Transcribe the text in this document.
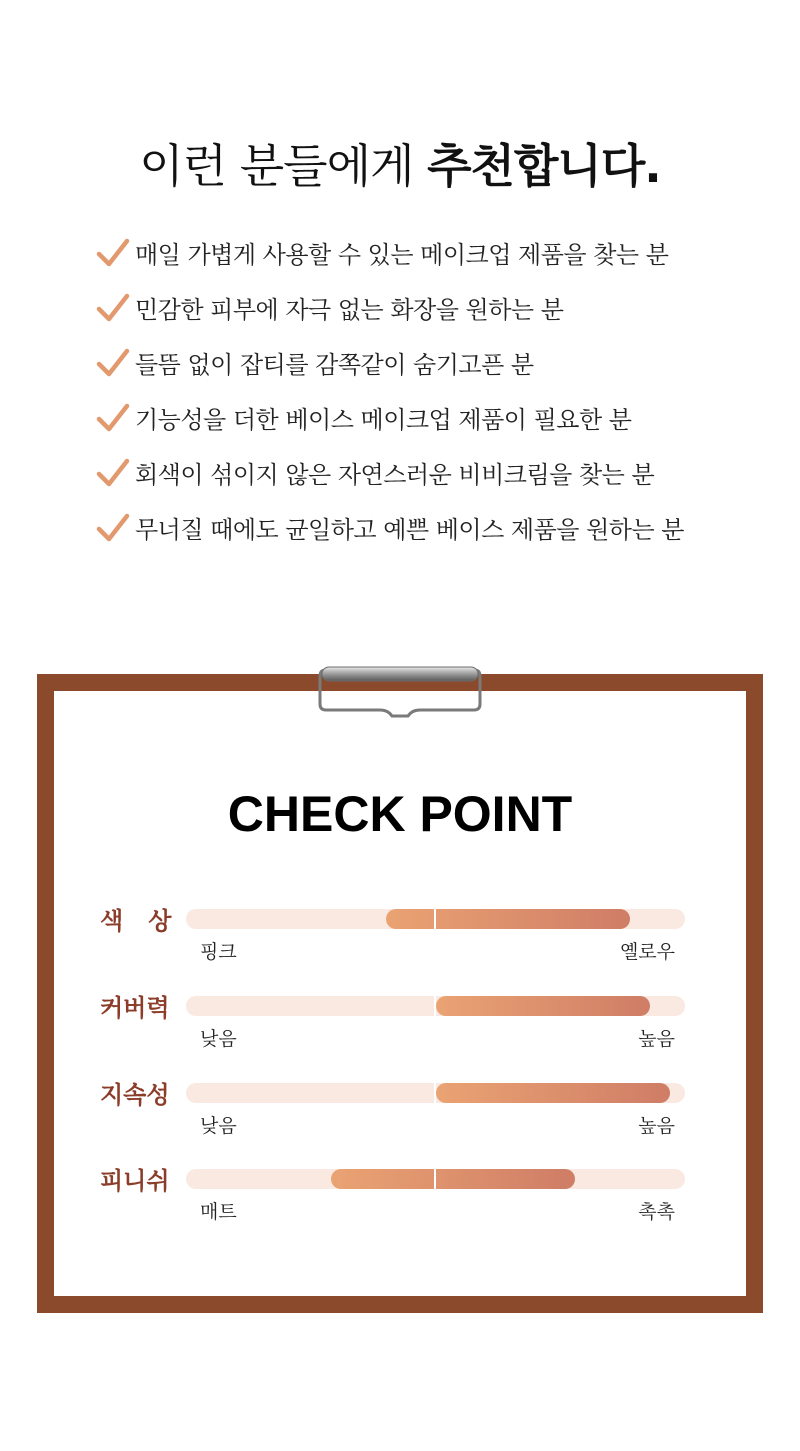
이런 분들에게 추천합니다.
매일 가볍게 사용할 수 있는 메이크업 제품을 찾는 분
민감한 피부에 자극 없는 화장을 원하는 분
들뜸 없이 잡티를 감쪽같이 숨기고픈 분
기능성을 더한 베이스 메이크업 제품이 필요한 분
회색이 섞이지 않은 자연스러운 비비크림을 찾는 분
무너질 때에도 균일하고 예쁜 베이스 제품을 원하는 분
CHECK POINT
색   상
핑크	옐로우
커버력
낮음	높음
지속성
낮음	높음
피니쉬
매트	촉촉
